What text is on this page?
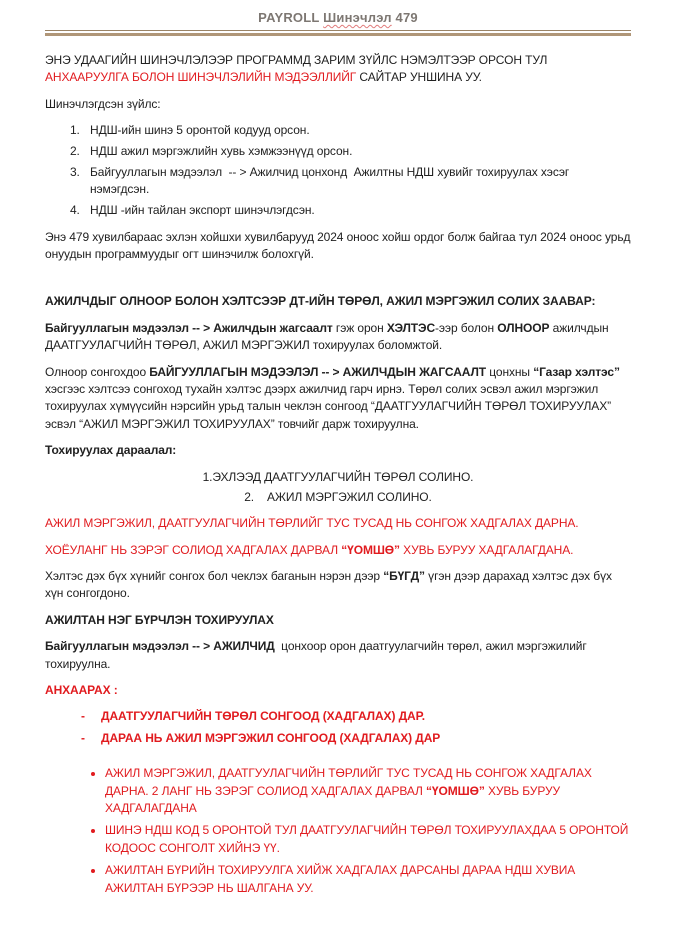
PAYROLL Шинэчлэл 479

ЭНЭ УДААГИЙН ШИНЭЧЛЭЛЭЭР ПРОГРАММД ЗАРИМ ЗҮЙЛС НЭМЭЛТЭЭР ОРСОН ТУЛ АНХААРУУЛГА БОЛОН ШИНЭЧЛЭЛИЙН МЭДЭЭЛЛИЙГ САЙТАР УНШИНА УУ.

Шинэчлэгдсэн зүйлс:

1. НДШ-ийн шинэ 5 оронтой кодууд орсон.
2. НДШ ажил мэргэжлийн хувь хэмжээнүүд орсон.
3. Байгууллагын мэдээлэл  -- > Ажилчид цонхонд  Ажилтны НДШ хувийг тохируулах хэсэг нэмэгдсэн.
4. НДШ -ийн тайлан экспорт шинэчлэгдсэн.

Энэ 479 хувилбараас эхлэн хойшхи хувилбарууд 2024 оноос хойш ордог болж байгаа тул 2024 оноос урьд онуудын программуудыг огт шинэчилж болохгүй.

АЖИЛЧДЫГ ОЛНООР БОЛОН ХЭЛТСЭЭР ДТ-ИЙН ТӨРӨЛ, АЖИЛ МЭРГЭЖИЛ СОЛИХ ЗААВАР:

Байгууллагын мэдээлэл -- > Ажилчдын жагсаалт гэж орон ХЭЛТЭС-ээр болон ОЛНООР ажилчдын ДААТГУУЛАГЧИЙН ТӨРӨЛ, АЖИЛ МЭРГЭЖИЛ тохируулах боломжтой.

Олноор сонгохдоо БАЙГУУЛЛАГЫН МЭДЭЭЛЭЛ -- > АЖИЛЧДЫН ЖАГСААЛТ цонхны “Газар хэлтэс” хэсгээс хэлтсээ сонгоход тухайн хэлтэс дээрх ажилчид гарч ирнэ. Төрөл солих эсвэл ажил мэргэжил тохируулах хүмүүсийн нэрсийн урьд талын чеклэн сонгоод “ДААТГУУЛАГЧИЙН ТӨРӨЛ ТОХИРУУЛАХ” эсвэл “АЖИЛ МЭРГЭЖИЛ ТОХИРУУЛАХ” товчийг дарж тохируулна.

Тохируулах дараалал:

1.ЭХЛЭЭД ДААТГУУЛАГЧИЙН ТӨРӨЛ СОЛИНО.

2.    АЖИЛ МЭРГЭЖИЛ СОЛИНО.

АЖИЛ МЭРГЭЖИЛ, ДААТГУУЛАГЧИЙН ТӨРЛИЙГ ТУС ТУСАД НЬ СОНГОЖ ХАДГАЛАХ ДАРНА.

ХОЁУЛАНГ НЬ ЗЭРЭГ СОЛИОД ХАДГАЛАХ ДАРВАЛ “ҮОМШӨ” ХУВЬ БУРУУ ХАДГАЛАГДАНА.

Хэлтэс дэх бүх хүнийг сонгох бол чеклэх баганын нэрэн дээр “БҮГД” үгэн дээр дарахад хэлтэс дэх бүх хүн сонгогдоно.

АЖИЛТАН НЭГ БҮРЧЛЭН ТОХИРУУЛАХ

Байгууллагын мэдээлэл -- > АЖИЛЧИД  цонхоор орон даатгуулагчийн төрөл, ажил мэргэжилийг тохируулна.

АНХААРАХ :

- ДААТГУУЛАГЧИЙН ТӨРӨЛ СОНГООД (ХАДГАЛАХ) ДАР.
- ДАРАА НЬ АЖИЛ МЭРГЭЖИЛ СОНГООД (ХАДГАЛАХ) ДАР
• АЖИЛ МЭРГЭЖИЛ, ДААТГУУЛАГЧИЙН ТӨРЛИЙГ ТУС ТУСАД НЬ СОНГОЖ ХАДГАЛАХ ДАРНА. 2 ЛАНГ НЬ ЗЭРЭГ СОЛИОД ХАДГАЛАХ ДАРВАЛ “ҮОМШӨ” ХУВЬ БУРУУ ХАДГАЛАГДАНА
• ШИНЭ НДШ КОД 5 ОРОНТОЙ ТУЛ ДААТГУУЛАГЧИЙН ТӨРӨЛ ТОХИРУУЛАХДАА 5 ОРОНТОЙ КОДООС СОНГОЛТ ХИЙНЭ ҮҮ.
• АЖИЛТАН БҮРИЙН ТОХИРУУЛГА ХИЙЖ ХАДГАЛАХ ДАРСАНЫ ДАРАА НДШ ХУВИА АЖИЛТАН БҮРЭЭР НЬ ШАЛГАНА УУ.
